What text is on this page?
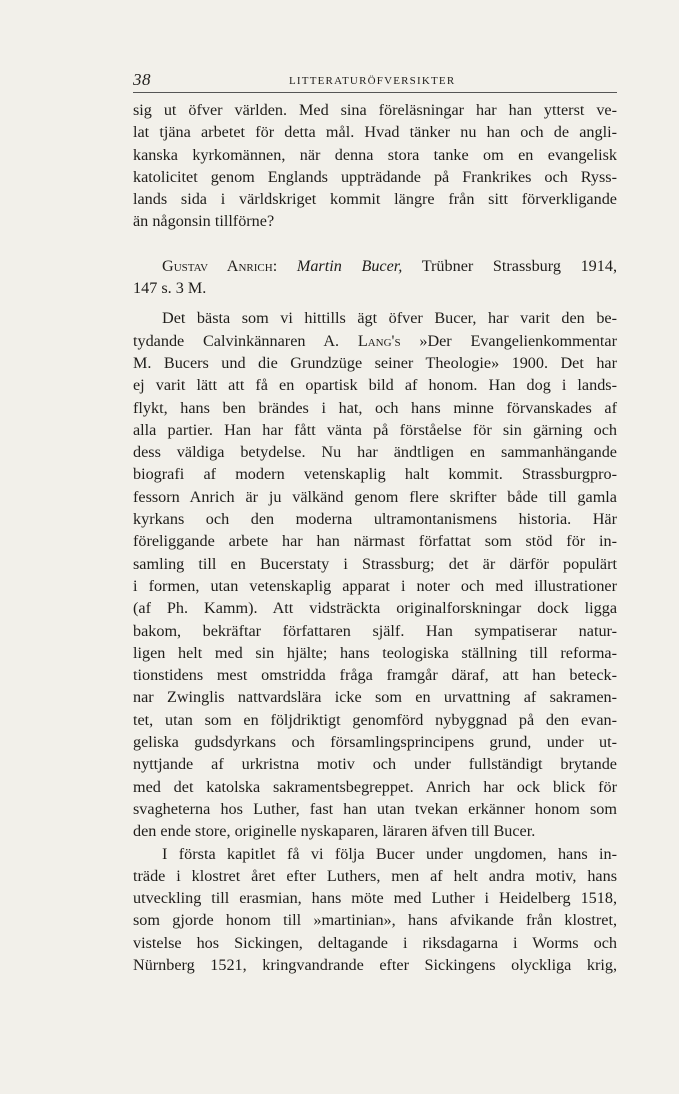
38	LITTERATURÖFVERSIKTER
sig ut öfver världen. Med sina föreläsningar har han ytterst ve-
lat tjäna arbetet för detta mål. Hvad tänker nu han och de angli-
kanska kyrkomännen, när denna stora tanke om en evangelisk
katolicitet genom Englands uppträdande på Frankrikes och Ryss-
lands sida i världskriget kommit längre från sitt förverkligande
än någonsin tillförne?
Gustav Anrich: Martin Bucer, Trübner Strassburg 1914,
147 s. 3 M.
Det bästa som vi hittills ägt öfver Bucer, har varit den be-
tydande Calvinkännaren A. Lang's »Der Evangelienkommentar
M. Bucers und die Grundzüge seiner Theologie» 1900. Det har
ej varit lätt att få en opartisk bild af honom. Han dog i lands-
flykt, hans ben brändes i hat, och hans minne förvanskades af
alla partier. Han har fått vänta på förståelse för sin gärning och
dess väldiga betydelse. Nu har ändtligen en sammanhängande
biografi af modern vetenskaplig halt kommit. Strassburgpro-
fessorn Anrich är ju välkänd genom flere skrifter både till gamla
kyrkans och den moderna ultramontanismens historia. Här
föreliggande arbete har han närmast författat som stöd för in-
samling till en Bucerstaty i Strassburg; det är därför populärt
i formen, utan vetenskaplig apparat i noter och med illustrationer
(af Ph. Kamm). Att vidsträckta originalforskningar dock ligga
bakom, bekräftar författaren själf. Han sympatiserar natur-
ligen helt med sin hjälte; hans teologiska ställning till reforma-
tionstidens mest omstridda fråga framgår däraf, att han beteck-
nar Zwinglis nattvardslära icke som en urvattning af sakramen-
tet, utan som en följdriktigt genomförd nybyggnad på den evan-
geliska gudsdyrkans och församlingsprincipens grund, under ut-
nyttjande af urkristna motiv och under fullständigt brytande
med det katolska sakramentsbegreppet. Anrich har ock blick för
svagheterna hos Luther, fast han utan tvekan erkänner honom som
den ende store, originelle nyskaparen, läraren äfven till Bucer.
I första kapitlet få vi följa Bucer under ungdomen, hans in-
träde i klostret året efter Luthers, men af helt andra motiv, hans
utveckling till erasmian, hans möte med Luther i Heidelberg 1518,
som gjorde honom till »martinian», hans afvikande från klostret,
vistelse hos Sickingen, deltagande i riksdagarna i Worms och
Nürnberg 1521, kringvandrande efter Sickingens olyckliga krig,
